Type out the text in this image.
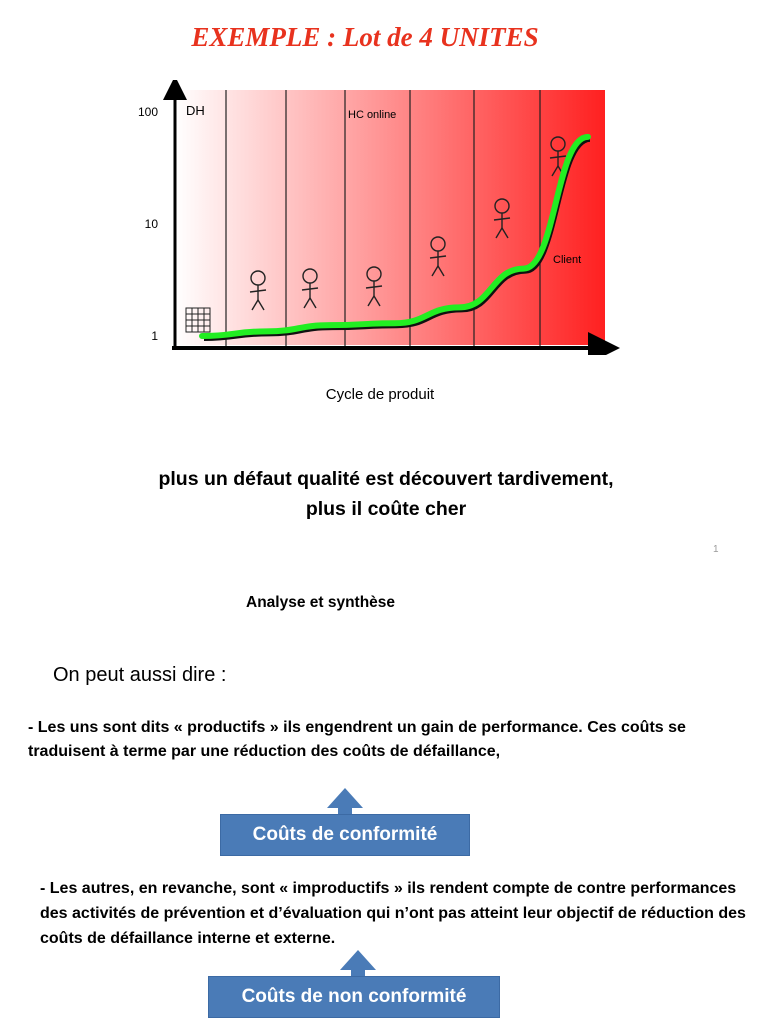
EXEMPLE : Lot de 4 UNITES
1
10
100 DH	HC online
Client
Cycle de produit
plus un défaut qualité est découvert tardivement,
plus il coûte cher
1
Analyse et synthèse
On peut aussi dire :
- Les uns sont dits « productifs » ils engendrent un gain de performance. Ces coûts se traduisent à terme par une réduction des coûts de défaillance,
Coûts de conformité
- Les autres, en revanche, sont « improductifs » ils rendent compte de contre performances des activités de prévention et d’évaluation qui n’ont pas atteint leur objectif de réduction des coûts de défaillance interne et externe.
Coûts de non conformité
